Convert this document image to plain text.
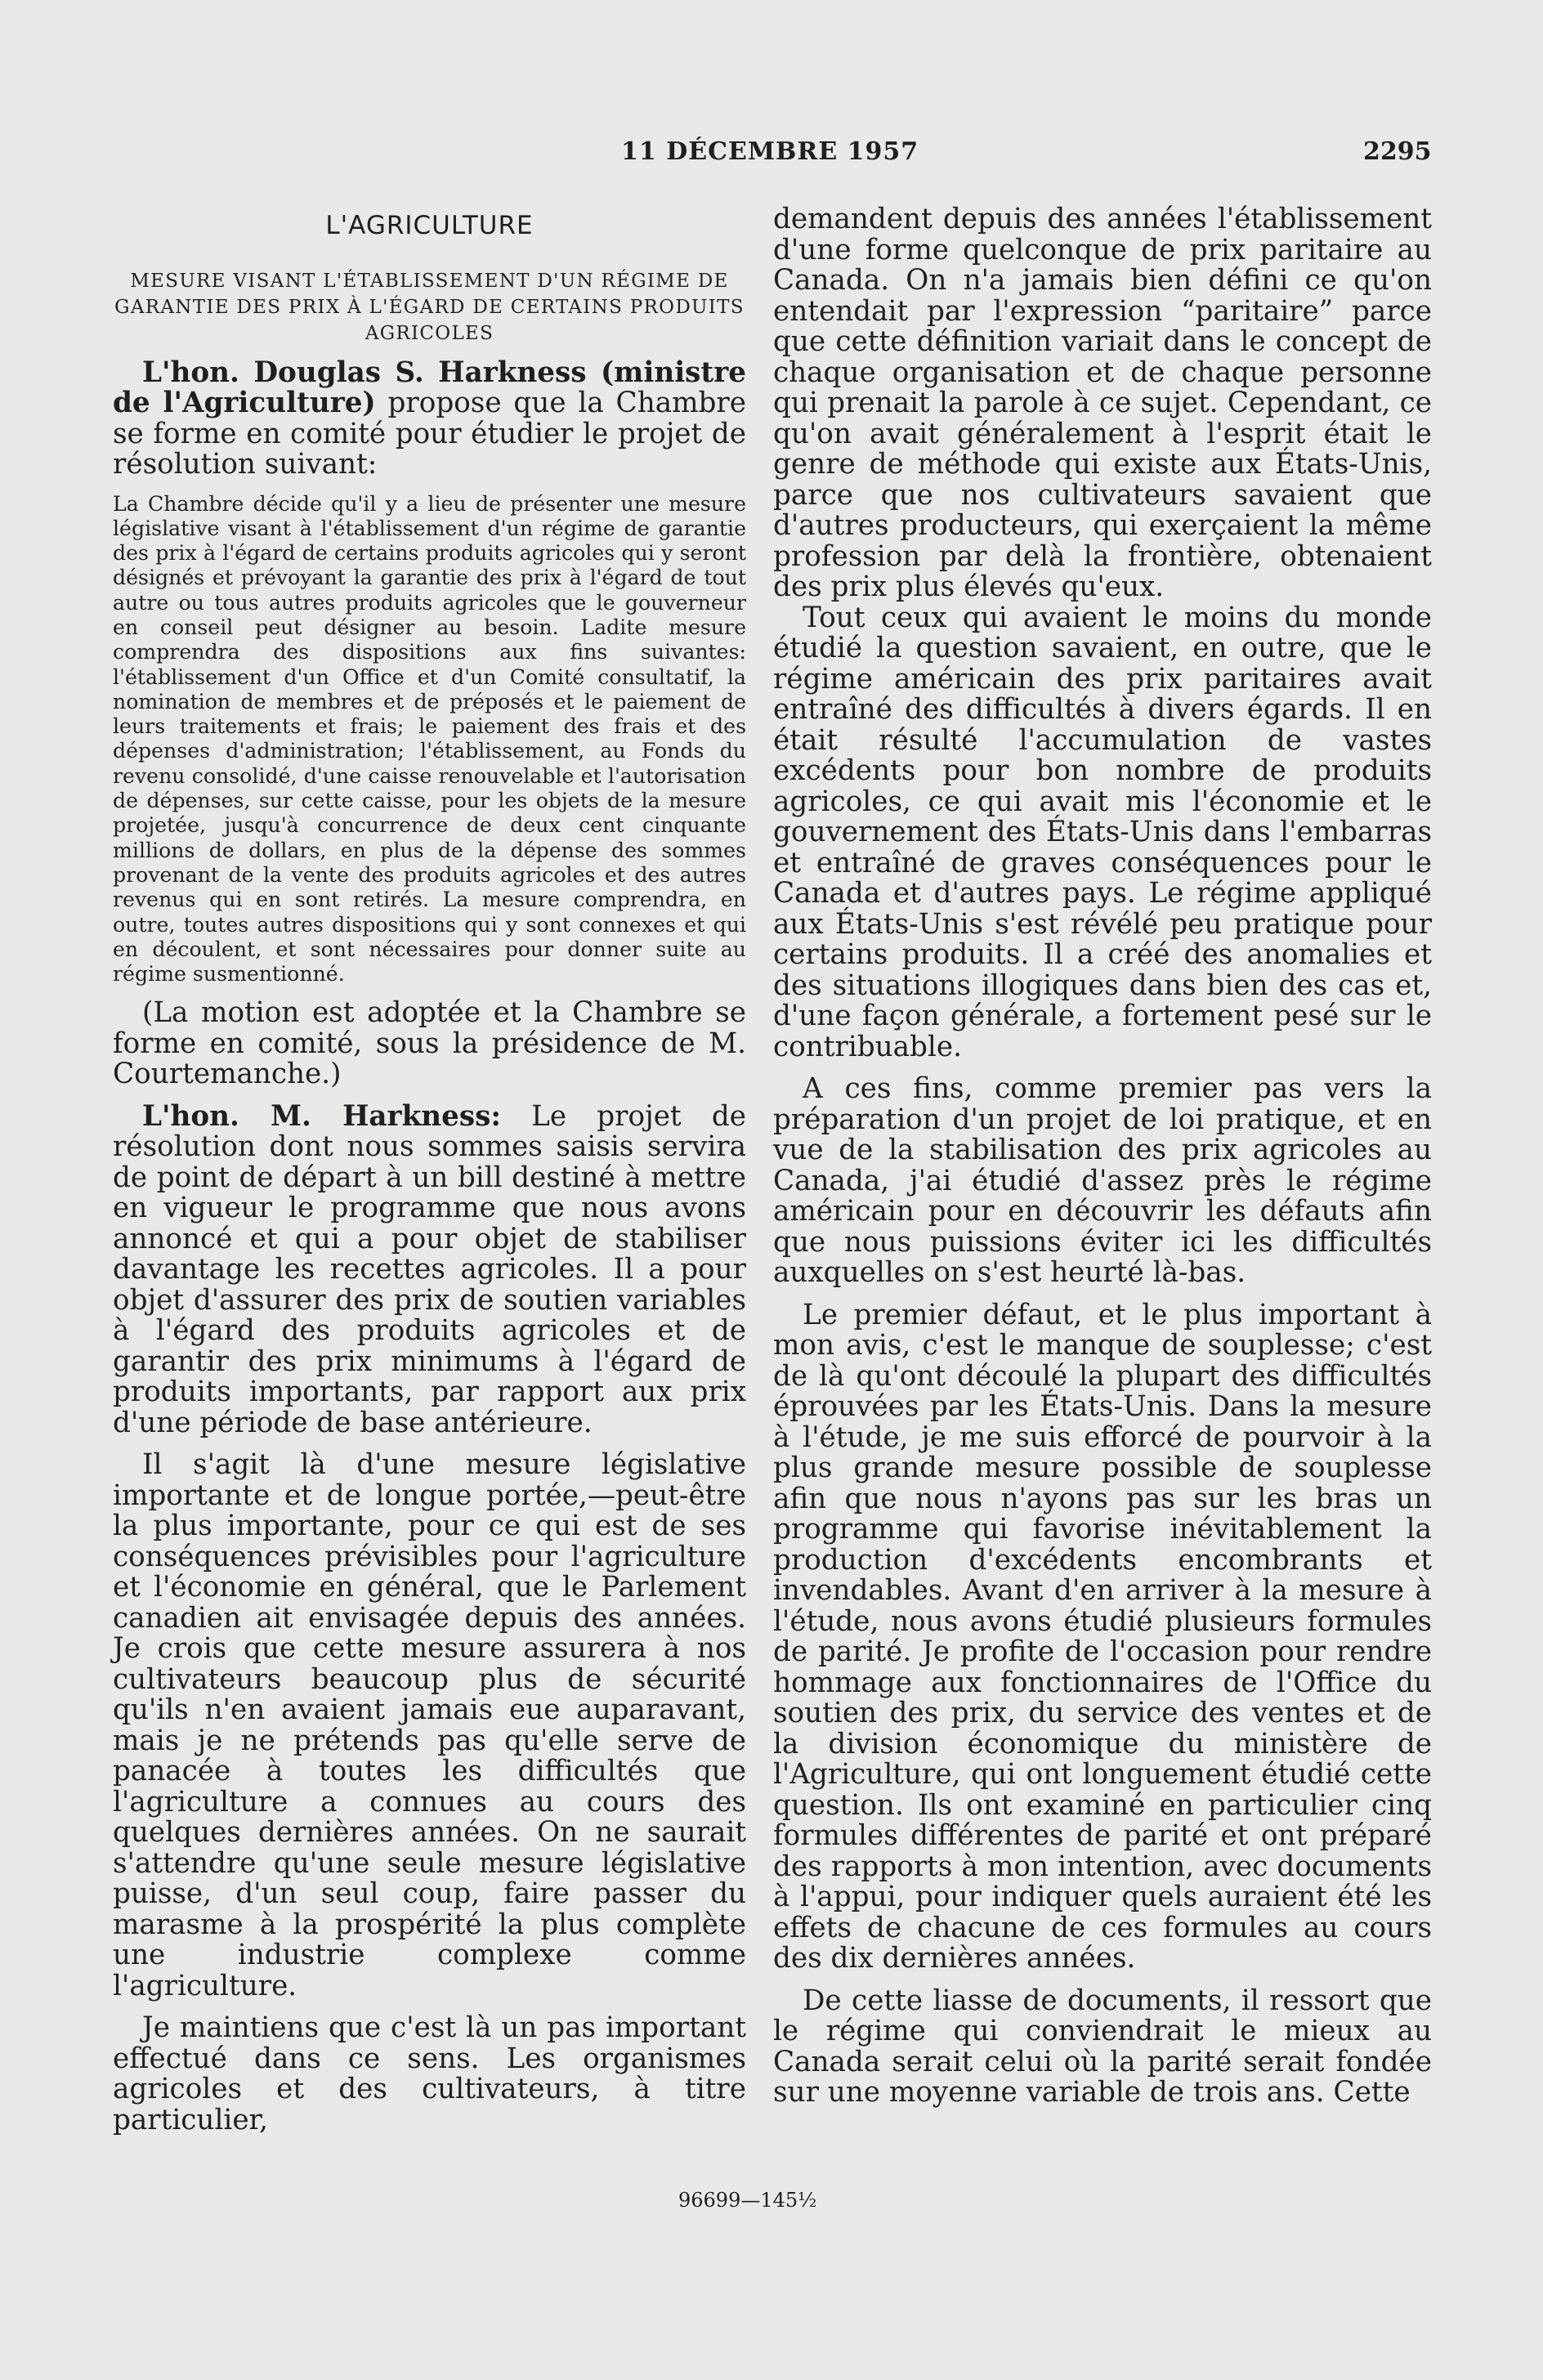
11 DÉCEMBRE 1957	2295

L'AGRICULTURE

MESURE VISANT L'ÉTABLISSEMENT D'UN RÉGIME DE GARANTIE DES PRIX À L'ÉGARD DE CERTAINS PRODUITS AGRICOLES

L'hon. Douglas S. Harkness (ministre de l'Agriculture) propose que la Chambre se forme en comité pour étudier le projet de résolution suivant:

La Chambre décide qu'il y a lieu de présenter une mesure législative visant à l'établissement d'un régime de garantie des prix à l'égard de certains produits agricoles qui y seront désignés et prévoyant la garantie des prix à l'égard de tout autre ou tous autres produits agricoles que le gouverneur en conseil peut désigner au besoin. Ladite mesure comprendra des dispositions aux fins suivantes: l'établissement d'un Office et d'un Comité consultatif, la nomination de membres et de préposés et le paiement de leurs traitements et frais; le paiement des frais et des dépenses d'administration; l'établissement, au Fonds du revenu consolidé, d'une caisse renouvelable et l'autorisation de dépenses, sur cette caisse, pour les objets de la mesure projetée, jusqu'à concurrence de deux cent cinquante millions de dollars, en plus de la dépense des sommes provenant de la vente des produits agricoles et des autres revenus qui en sont retirés. La mesure comprendra, en outre, toutes autres dispositions qui y sont connexes et qui en découlent, et sont nécessaires pour donner suite au régime susmentionné.

(La motion est adoptée et la Chambre se forme en comité, sous la présidence de M. Courtemanche.)

L'hon. M. Harkness: Le projet de résolution dont nous sommes saisis servira de point de départ à un bill destiné à mettre en vigueur le programme que nous avons annoncé et qui a pour objet de stabiliser davantage les recettes agricoles. Il a pour objet d'assurer des prix de soutien variables à l'égard des produits agricoles et de garantir des prix minimums à l'égard de produits importants, par rapport aux prix d'une période de base antérieure.

Il s'agit là d'une mesure législative importante et de longue portée,—peut-être la plus importante, pour ce qui est de ses conséquences prévisibles pour l'agriculture et l'économie en général, que le Parlement canadien ait envisagée depuis des années. Je crois que cette mesure assurera à nos cultivateurs beaucoup plus de sécurité qu'ils n'en avaient jamais eue auparavant, mais je ne prétends pas qu'elle serve de panacée à toutes les difficultés que l'agriculture a connues au cours des quelques dernières années. On ne saurait s'attendre qu'une seule mesure législative puisse, d'un seul coup, faire passer du marasme à la prospérité la plus complète une industrie complexe comme l'agriculture.

Je maintiens que c'est là un pas important effectué dans ce sens. Les organismes agricoles et des cultivateurs, à titre particulier,

demandent depuis des années l'établissement d'une forme quelconque de prix paritaire au Canada. On n'a jamais bien défini ce qu'on entendait par l'expression “paritaire” parce que cette définition variait dans le concept de chaque organisation et de chaque personne qui prenait la parole à ce sujet. Cependant, ce qu'on avait généralement à l'esprit était le genre de méthode qui existe aux États-Unis, parce que nos cultivateurs savaient que d'autres producteurs, qui exerçaient la même profession par delà la frontière, obtenaient des prix plus élevés qu'eux.

Tout ceux qui avaient le moins du monde étudié la question savaient, en outre, que le régime américain des prix paritaires avait entraîné des difficultés à divers égards. Il en était résulté l'accumulation de vastes excédents pour bon nombre de produits agricoles, ce qui avait mis l'économie et le gouvernement des États-Unis dans l'embarras et entraîné de graves conséquences pour le Canada et d'autres pays. Le régime appliqué aux États-Unis s'est révélé peu pratique pour certains produits. Il a créé des anomalies et des situations illogiques dans bien des cas et, d'une façon générale, a fortement pesé sur le contribuable.

A ces fins, comme premier pas vers la préparation d'un projet de loi pratique, et en vue de la stabilisation des prix agricoles au Canada, j'ai étudié d'assez près le régime américain pour en découvrir les défauts afin que nous puissions éviter ici les difficultés auxquelles on s'est heurté là-bas.

Le premier défaut, et le plus important à mon avis, c'est le manque de souplesse; c'est de là qu'ont découlé la plupart des difficultés éprouvées par les États-Unis. Dans la mesure à l'étude, je me suis efforcé de pourvoir à la plus grande mesure possible de souplesse afin que nous n'ayons pas sur les bras un programme qui favorise inévitablement la production d'excédents encombrants et invendables. Avant d'en arriver à la mesure à l'étude, nous avons étudié plusieurs formules de parité. Je profite de l'occasion pour rendre hommage aux fonctionnaires de l'Office du soutien des prix, du service des ventes et de la division économique du ministère de l'Agriculture, qui ont longuement étudié cette question. Ils ont examiné en particulier cinq formules différentes de parité et ont préparé des rapports à mon intention, avec documents à l'appui, pour indiquer quels auraient été les effets de chacune de ces formules au cours des dix dernières années.

De cette liasse de documents, il ressort que le régime qui conviendrait le mieux au Canada serait celui où la parité serait fondée sur une moyenne variable de trois ans. Cette

96699—145½
